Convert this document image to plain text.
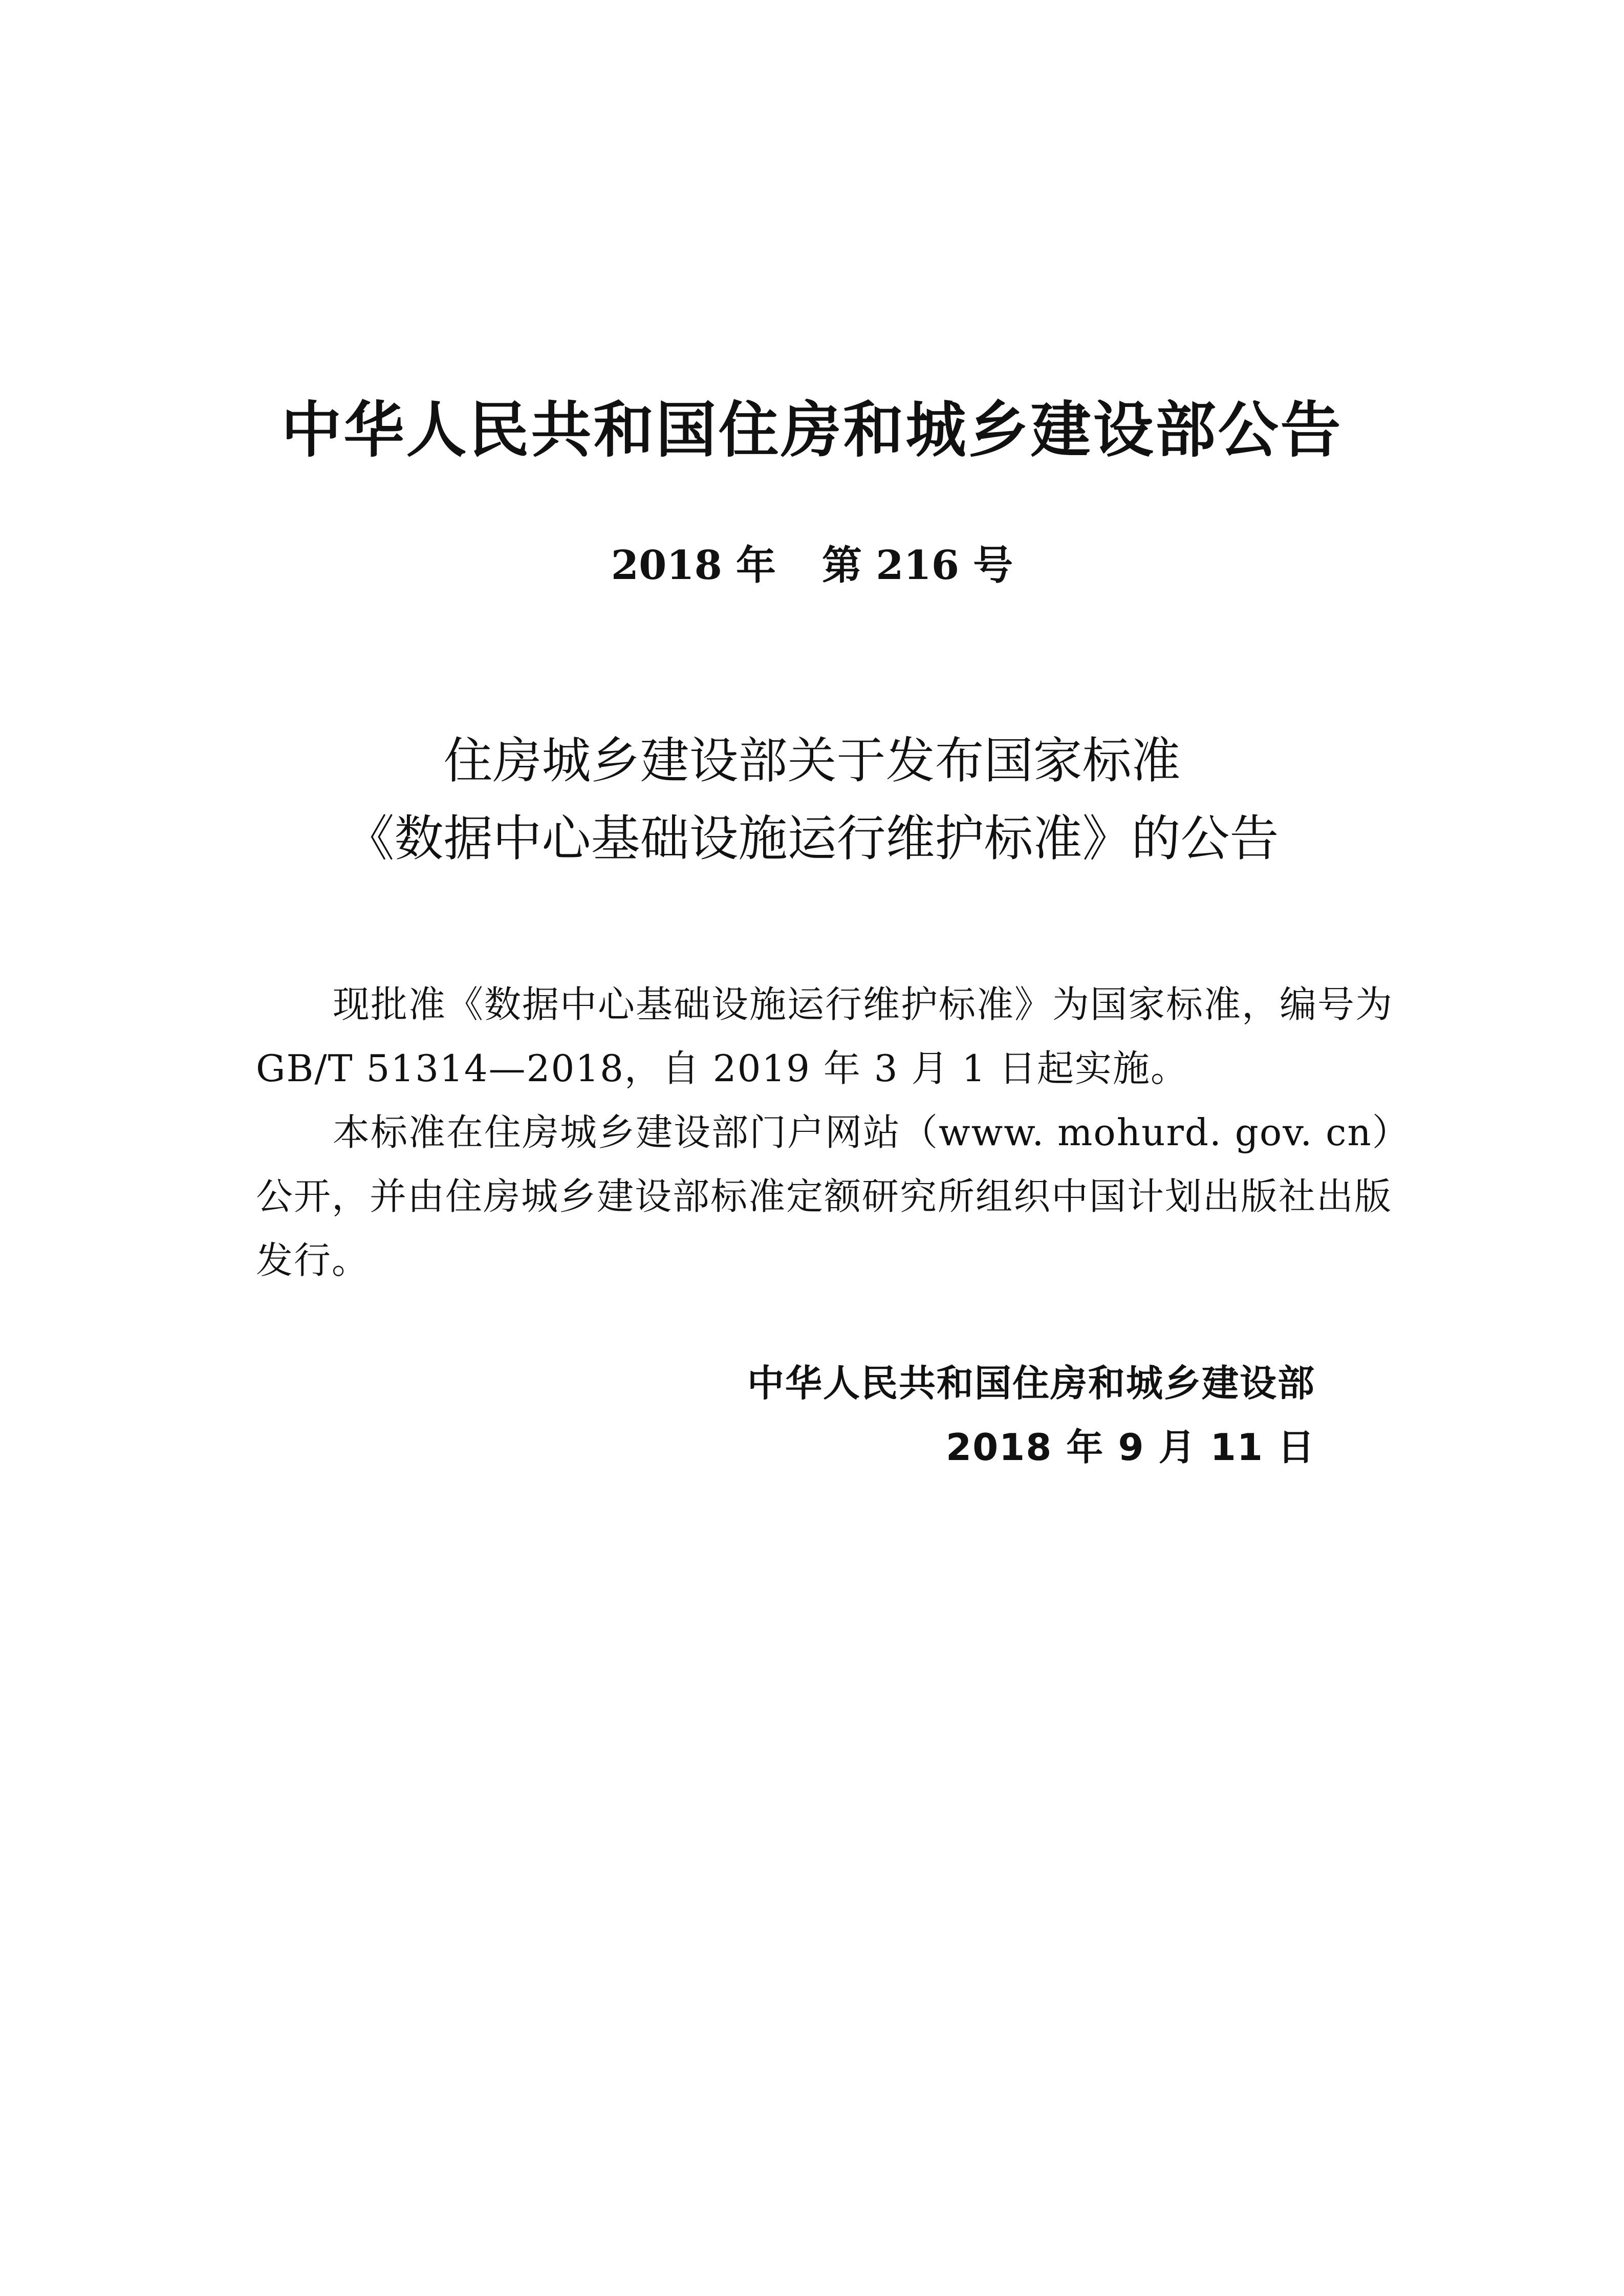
中华人民共和国住房和城乡建设部公告
2018 年 第 216 号
住房城乡建设部关于发布国家标准
《数据中心基础设施运行维护标准》的公告

现批准《数据中心基础设施运行维护标准》为国家标准，编号为 GB/T 51314—2018，自 2019 年 3 月 1 日起实施。

本标准在住房城乡建设部门户网站（www. mohurd. gov. cn）公开，并由住房城乡建设部标准定额研究所组织中国计划出版社出版发行。

中华人民共和国住房和城乡建设部
2018 年 9 月 11 日
